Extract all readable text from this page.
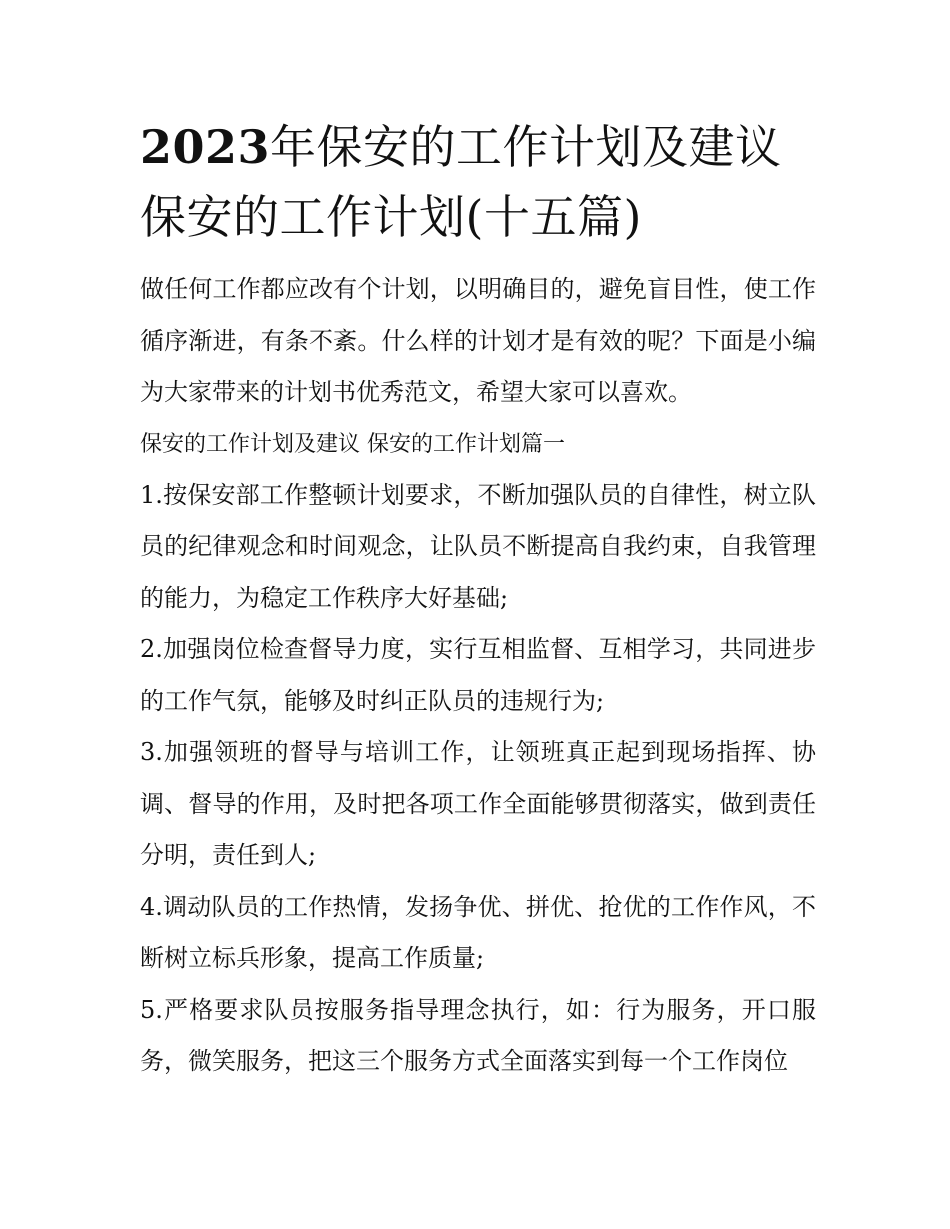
2023年保安的工作计划及建议保安的工作计划(十五篇)

做任何工作都应改有个计划，以明确目的，避免盲目性，使工作循序渐进，有条不紊。什么样的计划才是有效的呢？下面是小编为大家带来的计划书优秀范文，希望大家可以喜欢。

保安的工作计划及建议 保安的工作计划篇一

1.按保安部工作整顿计划要求，不断加强队员的自律性，树立队员的纪律观念和时间观念，让队员不断提高自我约束，自我管理的能力，为稳定工作秩序大好基础;

2.加强岗位检查督导力度，实行互相监督、互相学习，共同进步的工作气氛，能够及时纠正队员的违规行为;

3.加强领班的督导与培训工作，让领班真正起到现场指挥、协调、督导的作用，及时把各项工作全面能够贯彻落实，做到责任分明，责任到人;

4.调动队员的工作热情，发扬争优、拼优、抢优的工作作风，不断树立标兵形象，提高工作质量;

5.严格要求队员按服务指导理念执行，如：行为服务，开口服务，微笑服务，把这三个服务方式全面落实到每一个工作岗位
